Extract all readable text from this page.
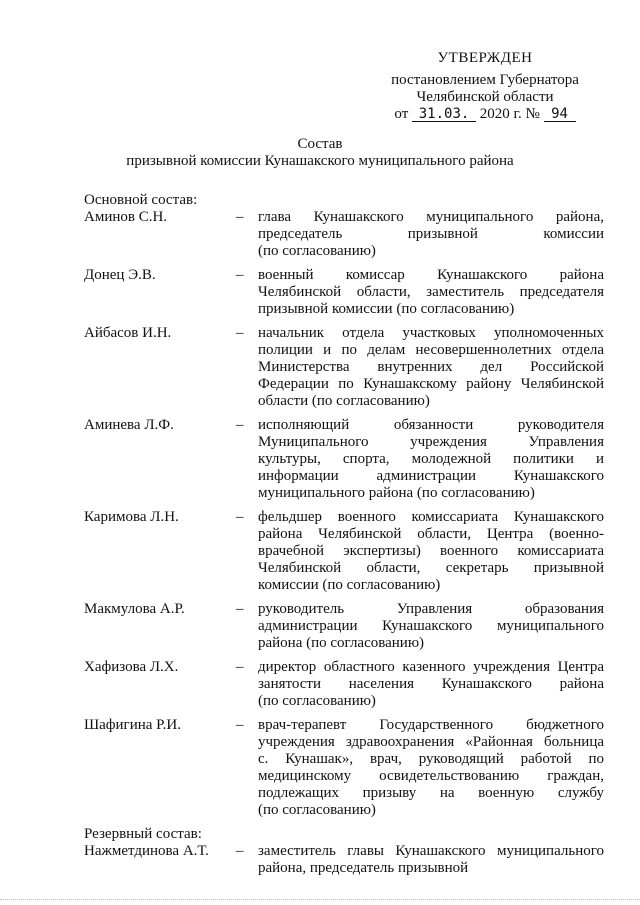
УТВЕРЖДЕН
постановлением Губернатора
Челябинской области
от 31.03. 2020 г. № 94
Состав
призывной комиссии Кунашакского муниципального района
Основной состав:
Аминов С.Н.	– глава Кунашакского муниципального района,
председатель призывной комиссии
(по согласованию)
Донец Э.В.	– военный комиссар Кунашакского района
Челябинской области, заместитель председателя
призывной комиссии (по согласованию)
Айбасов И.Н.	– начальник отдела участковых уполномоченных
полиции и по делам несовершеннолетних отдела
Министерства внутренних дел Российской
Федерации по Кунашакскому району Челябинской
области (по согласованию)
Аминева Л.Ф.	– исполняющий обязанности руководителя
Муниципального учреждения Управления
культуры, спорта, молодежной политики и
информации администрации Кунашакского
муниципального района (по согласованию)
Каримова Л.Н.	– фельдшер военного комиссариата Кунашакского
района Челябинской области, Центра (военно-
врачебной экспертизы) военного комиссариата
Челябинской области, секретарь призывной
комиссии (по согласованию)
Макмулова А.Р.	– руководитель Управления образования
администрации Кунашакского муниципального
района (по согласованию)
Хафизова Л.Х.	– директор областного казенного учреждения Центра
занятости населения Кунашакского района
(по согласованию)
Шафигина Р.И.	– врач-терапевт Государственного бюджетного
учреждения здравоохранения «Районная больница
с. Кунашак», врач, руководящий работой по
медицинскому освидетельствованию граждан,
подлежащих призыву на военную службу
(по согласованию)
Резервный состав:
Нажметдинова А.Т.	– заместитель главы Кунашакского муниципального
района, председатель призывной
